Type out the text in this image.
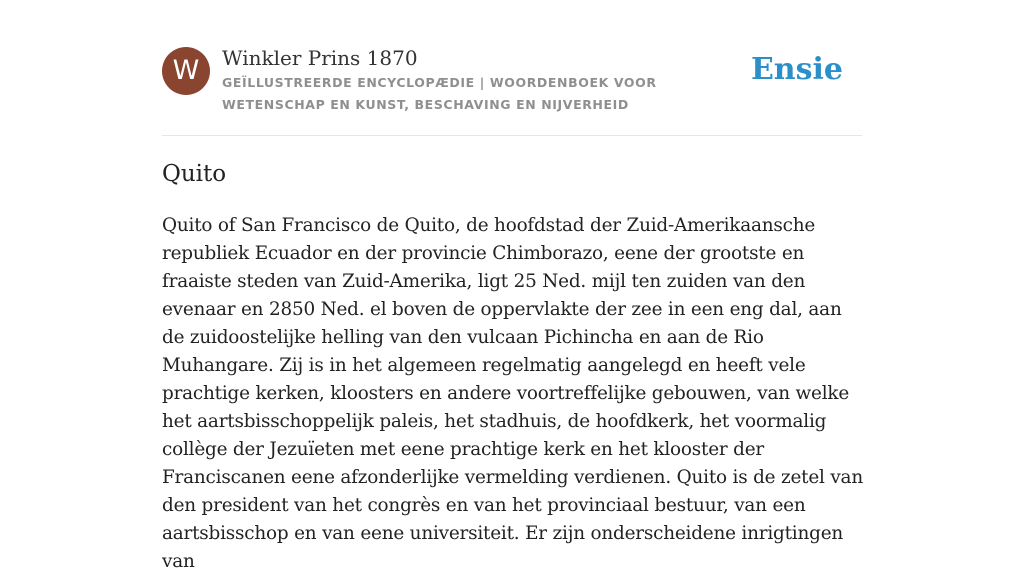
W	Winkler Prins 1870
GEÏLLUSTREERDE ENCYCLOPÆDIE | WOORDENBOEK VOOR WETENSCHAP EN KUNST, BESCHAVING EN NIJVERHEID
Ensie
Quito

Quito of San Francisco de Quito, de hoofdstad der Zuid-Amerikaansche republiek Ecuador en der provincie Chimborazo, eene der grootste en fraaiste steden van Zuid-Amerika, ligt 25 Ned. mijl ten zuiden van den evenaar en 2850 Ned. el boven de oppervlakte der zee in een eng dal, aan de zuidoostelijke helling van den vulcaan Pichincha en aan de Rio Muhangare. Zij is in het algemeen regelmatig aangelegd en heeft vele prachtige kerken, kloosters en andere voortreffelijke gebouwen, van welke het aartsbisschoppelijk paleis, het stadhuis, de hoofdkerk, het voormalig collège der Jezuïeten met eene prachtige kerk en het klooster der Franciscanen eene afzonderlijke vermelding verdienen. Quito is de zetel van den president van het congrès en van het provinciaal bestuur, van een aartsbisschop en van eene universiteit. Er zijn onderscheidene inrigtingen van
